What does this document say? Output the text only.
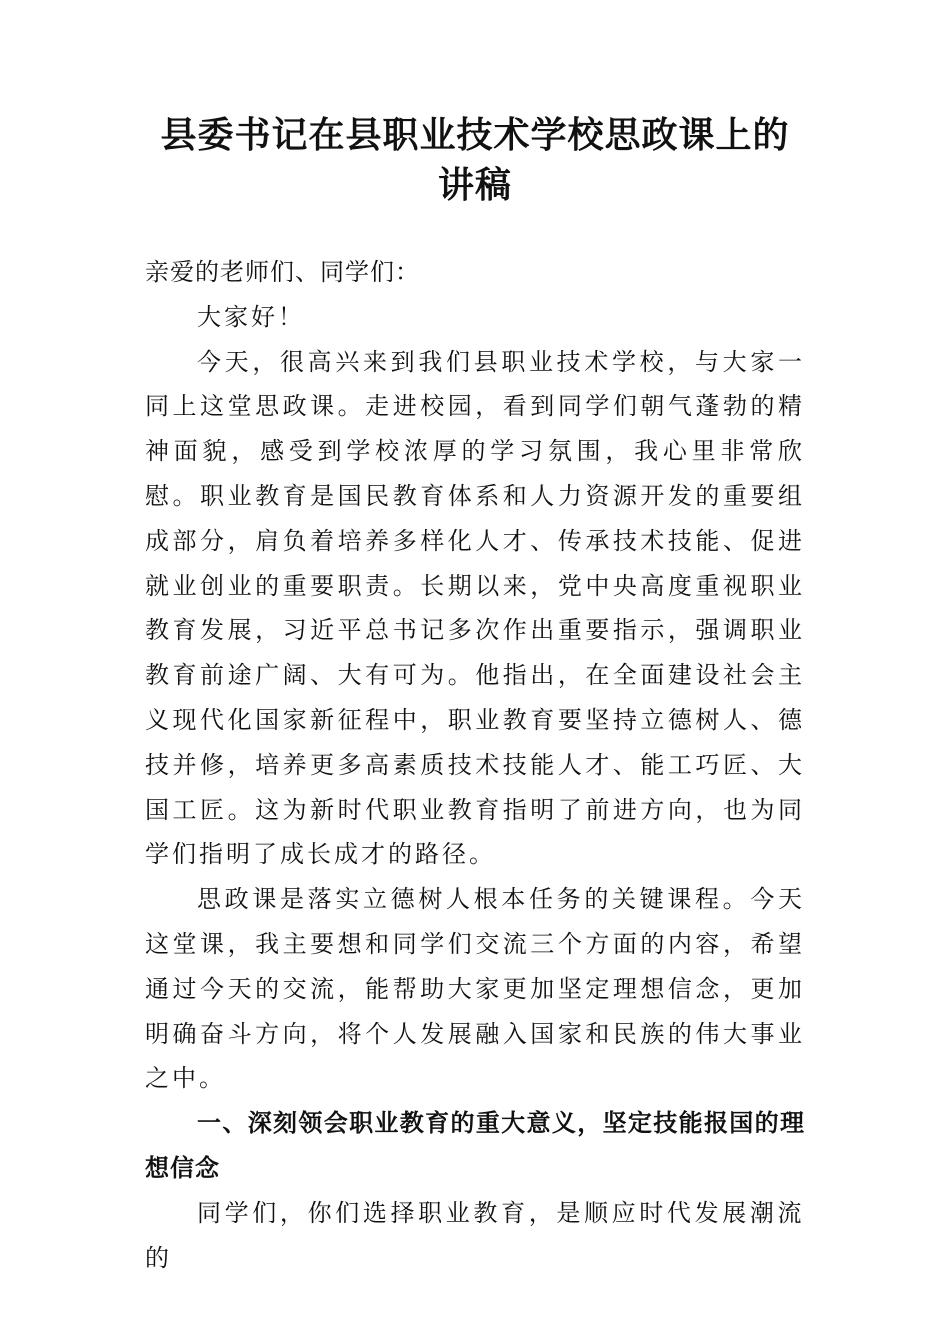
县委书记在县职业技术学校思政课上的讲稿

亲爱的老师们、同学们：

大家好！

今天，很高兴来到我们县职业技术学校，与大家一同上这堂思政课。走进校园，看到同学们朝气蓬勃的精神面貌，感受到学校浓厚的学习氛围，我心里非常欣慰。职业教育是国民教育体系和人力资源开发的重要组成部分，肩负着培养多样化人才、传承技术技能、促进就业创业的重要职责。长期以来，党中央高度重视职业教育发展，习近平总书记多次作出重要指示，强调职业教育前途广阔、大有可为。他指出，在全面建设社会主义现代化国家新征程中，职业教育要坚持立德树人、德技并修，培养更多高素质技术技能人才、能工巧匠、大国工匠。这为新时代职业教育指明了前进方向，也为同学们指明了成长成才的路径。

思政课是落实立德树人根本任务的关键课程。今天这堂课，我主要想和同学们交流三个方面的内容，希望通过今天的交流，能帮助大家更加坚定理想信念，更加明确奋斗方向，将个人发展融入国家和民族的伟大事业之中。

一、深刻领会职业教育的重大意义，坚定技能报国的理想信念

同学们，你们选择职业教育，是顺应时代发展潮流的
